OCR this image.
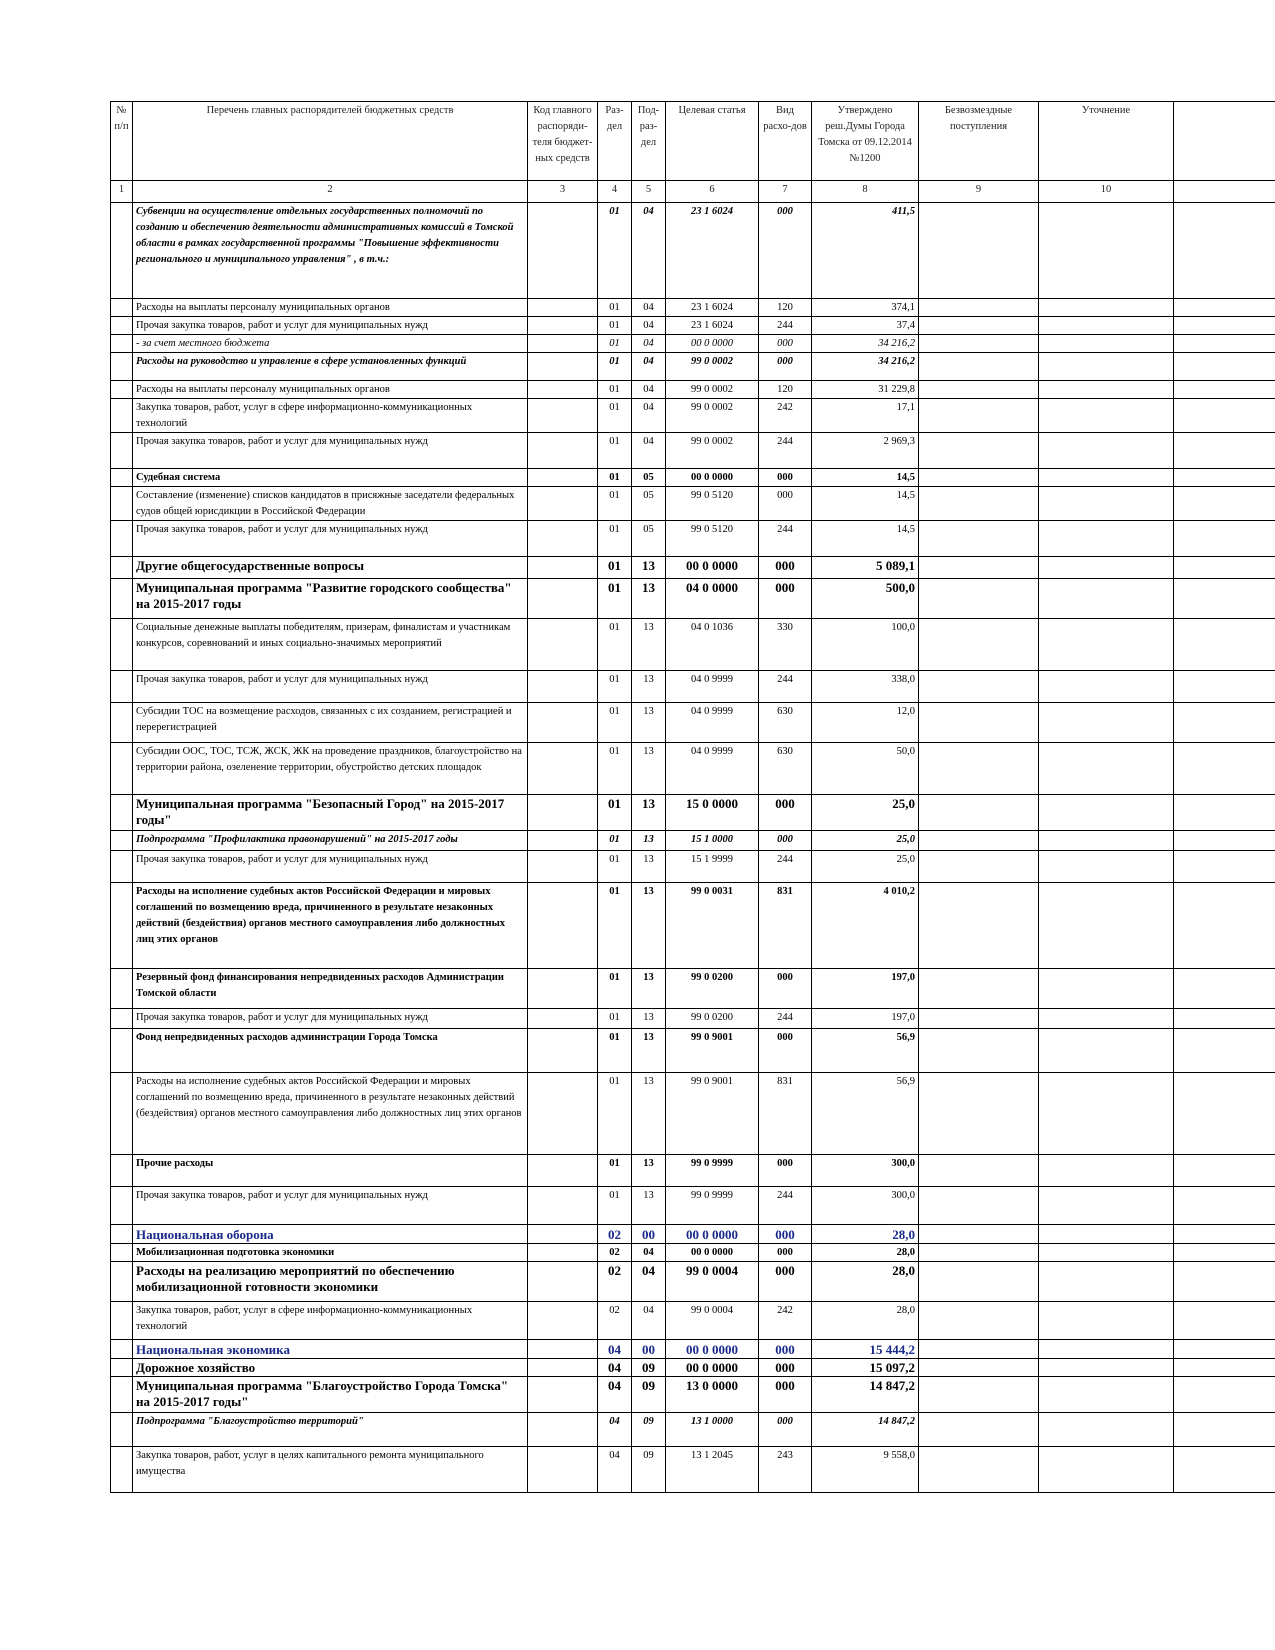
№ п/п	Перечень главных распорядителей бюджетных средств	Код главного распоряди-теля бюджет-ных средств	Раз-дел	Под-раз-дел	Целевая статья	Вид расхо-дов	Утверждено реш.Думы Города Томска от 09.12.2014 №1200	Безвозмездные поступления	Уточнение	
1	2	3	4	5	6	7	8	9	10	
	Субвенции на осуществление отдельных государственных полномочий по созданию и обеспечению деятельности административных комиссий в Томской области в рамках государственной программы "Повышение эффективности регионального и муниципального управления" , в т.ч.:		01	04	23 1 6024	000	411,5			
	Расходы на выплаты персоналу муниципальных органов		01	04	23 1 6024	120	374,1			
	Прочая закупка товаров, работ и услуг для муниципальных нужд		01	04	23 1 6024	244	37,4			
	- за счет местного бюджета		01	04	00 0 0000	000	34 216,2			
	Расходы на руководство и управление в сфере установленных функций		01	04	99 0 0002	000	34 216,2			
	Расходы на выплаты персоналу муниципальных органов		01	04	99 0 0002	120	31 229,8			
	Закупка товаров, работ, услуг в сфере информационно-коммуникационных технологий		01	04	99 0 0002	242	17,1			
	Прочая закупка товаров, работ и услуг для муниципальных нужд		01	04	99 0 0002	244	2 969,3			
	Судебная система		01	05	00 0 0000	000	14,5			
	Составление (изменение) списков кандидатов в присяжные заседатели федеральных судов общей юрисдикции в Российской Федерации		01	05	99 0 5120	000	14,5			
	Прочая закупка товаров, работ и услуг для муниципальных нужд		01	05	99 0 5120	244	14,5			
	Другие общегосударственные вопросы		01	13	00 0 0000	000	5 089,1			
	Муниципальная программа "Развитие городского сообщества" на 2015-2017 годы		01	13	04 0 0000	000	500,0			
	Социальные денежные выплаты победителям, призерам, финалистам и участникам конкурсов, соревнований и иных социально-значимых мероприятий		01	13	04 0 1036	330	100,0			
	Прочая закупка товаров, работ и услуг для муниципальных нужд		01	13	04 0 9999	244	338,0			
	Субсидии ТОС на возмещение расходов, связанных с их созданием, регистрацией и перерегистрацией		01	13	04 0 9999	630	12,0			
	Субсидии ООС, ТОС, ТСЖ, ЖСК, ЖК на проведение праздников, благоустройство на территории района, озеленение территории, обустройство детских площадок		01	13	04 0 9999	630	50,0			
	Муниципальная программа "Безопасный Город" на 2015-2017 годы"		01	13	15 0 0000	000	25,0			
	Подпрограмма "Профилактика правонарушений" на 2015-2017 годы		01	13	15 1 0000	000	25,0			
	Прочая закупка товаров, работ и услуг для муниципальных нужд		01	13	15 1 9999	244	25,0			
	Расходы на исполнение судебных актов Российской Федерации и мировых соглашений по возмещению вреда, причиненного в результате незаконных действий (бездействия) органов местного самоуправления либо должностных лиц этих органов		01	13	99 0 0031	831	4 010,2			
	Резервный фонд финансирования непредвиденных расходов Администрации Томской области		01	13	99 0 0200	000	197,0			
	Прочая закупка товаров, работ и услуг для муниципальных нужд		01	13	99 0 0200	244	197,0			
	Фонд непредвиденных расходов администрации Города Томска		01	13	99 0 9001	000	56,9			
	Расходы на исполнение судебных актов Российской Федерации и мировых соглашений по возмещению вреда, причиненного в результате незаконных действий (бездействия) органов местного самоуправления либо должностных лиц этих органов		01	13	99 0 9001	831	56,9			
	Прочие расходы		01	13	99 0 9999	000	300,0			
	Прочая закупка товаров, работ и услуг для муниципальных нужд		01	13	99 0 9999	244	300,0			
	Национальная оборона		02	00	00 0 0000	000	28,0			
	Мобилизационная подготовка экономики		02	04	00 0 0000	000	28,0			
	Расходы на реализацию мероприятий по обеспечению мобилизационной готовности экономики		02	04	99 0 0004	000	28,0			
	Закупка товаров, работ, услуг в сфере информационно-коммуникационных технологий		02	04	99 0 0004	242	28,0			
	Национальная экономика		04	00	00 0 0000	000	15 444,2			
	Дорожное хозяйство		04	09	00 0 0000	000	15 097,2			
	Муниципальная программа "Благоустройство Города Томска" на 2015-2017 годы"		04	09	13 0 0000	000	14 847,2			
	Подпрограмма "Благоустройство территорий"		04	09	13 1 0000	000	14 847,2			
	Закупка товаров, работ, услуг в целях капитального ремонта муниципального имущества		04	09	13 1 2045	243	9 558,0			
